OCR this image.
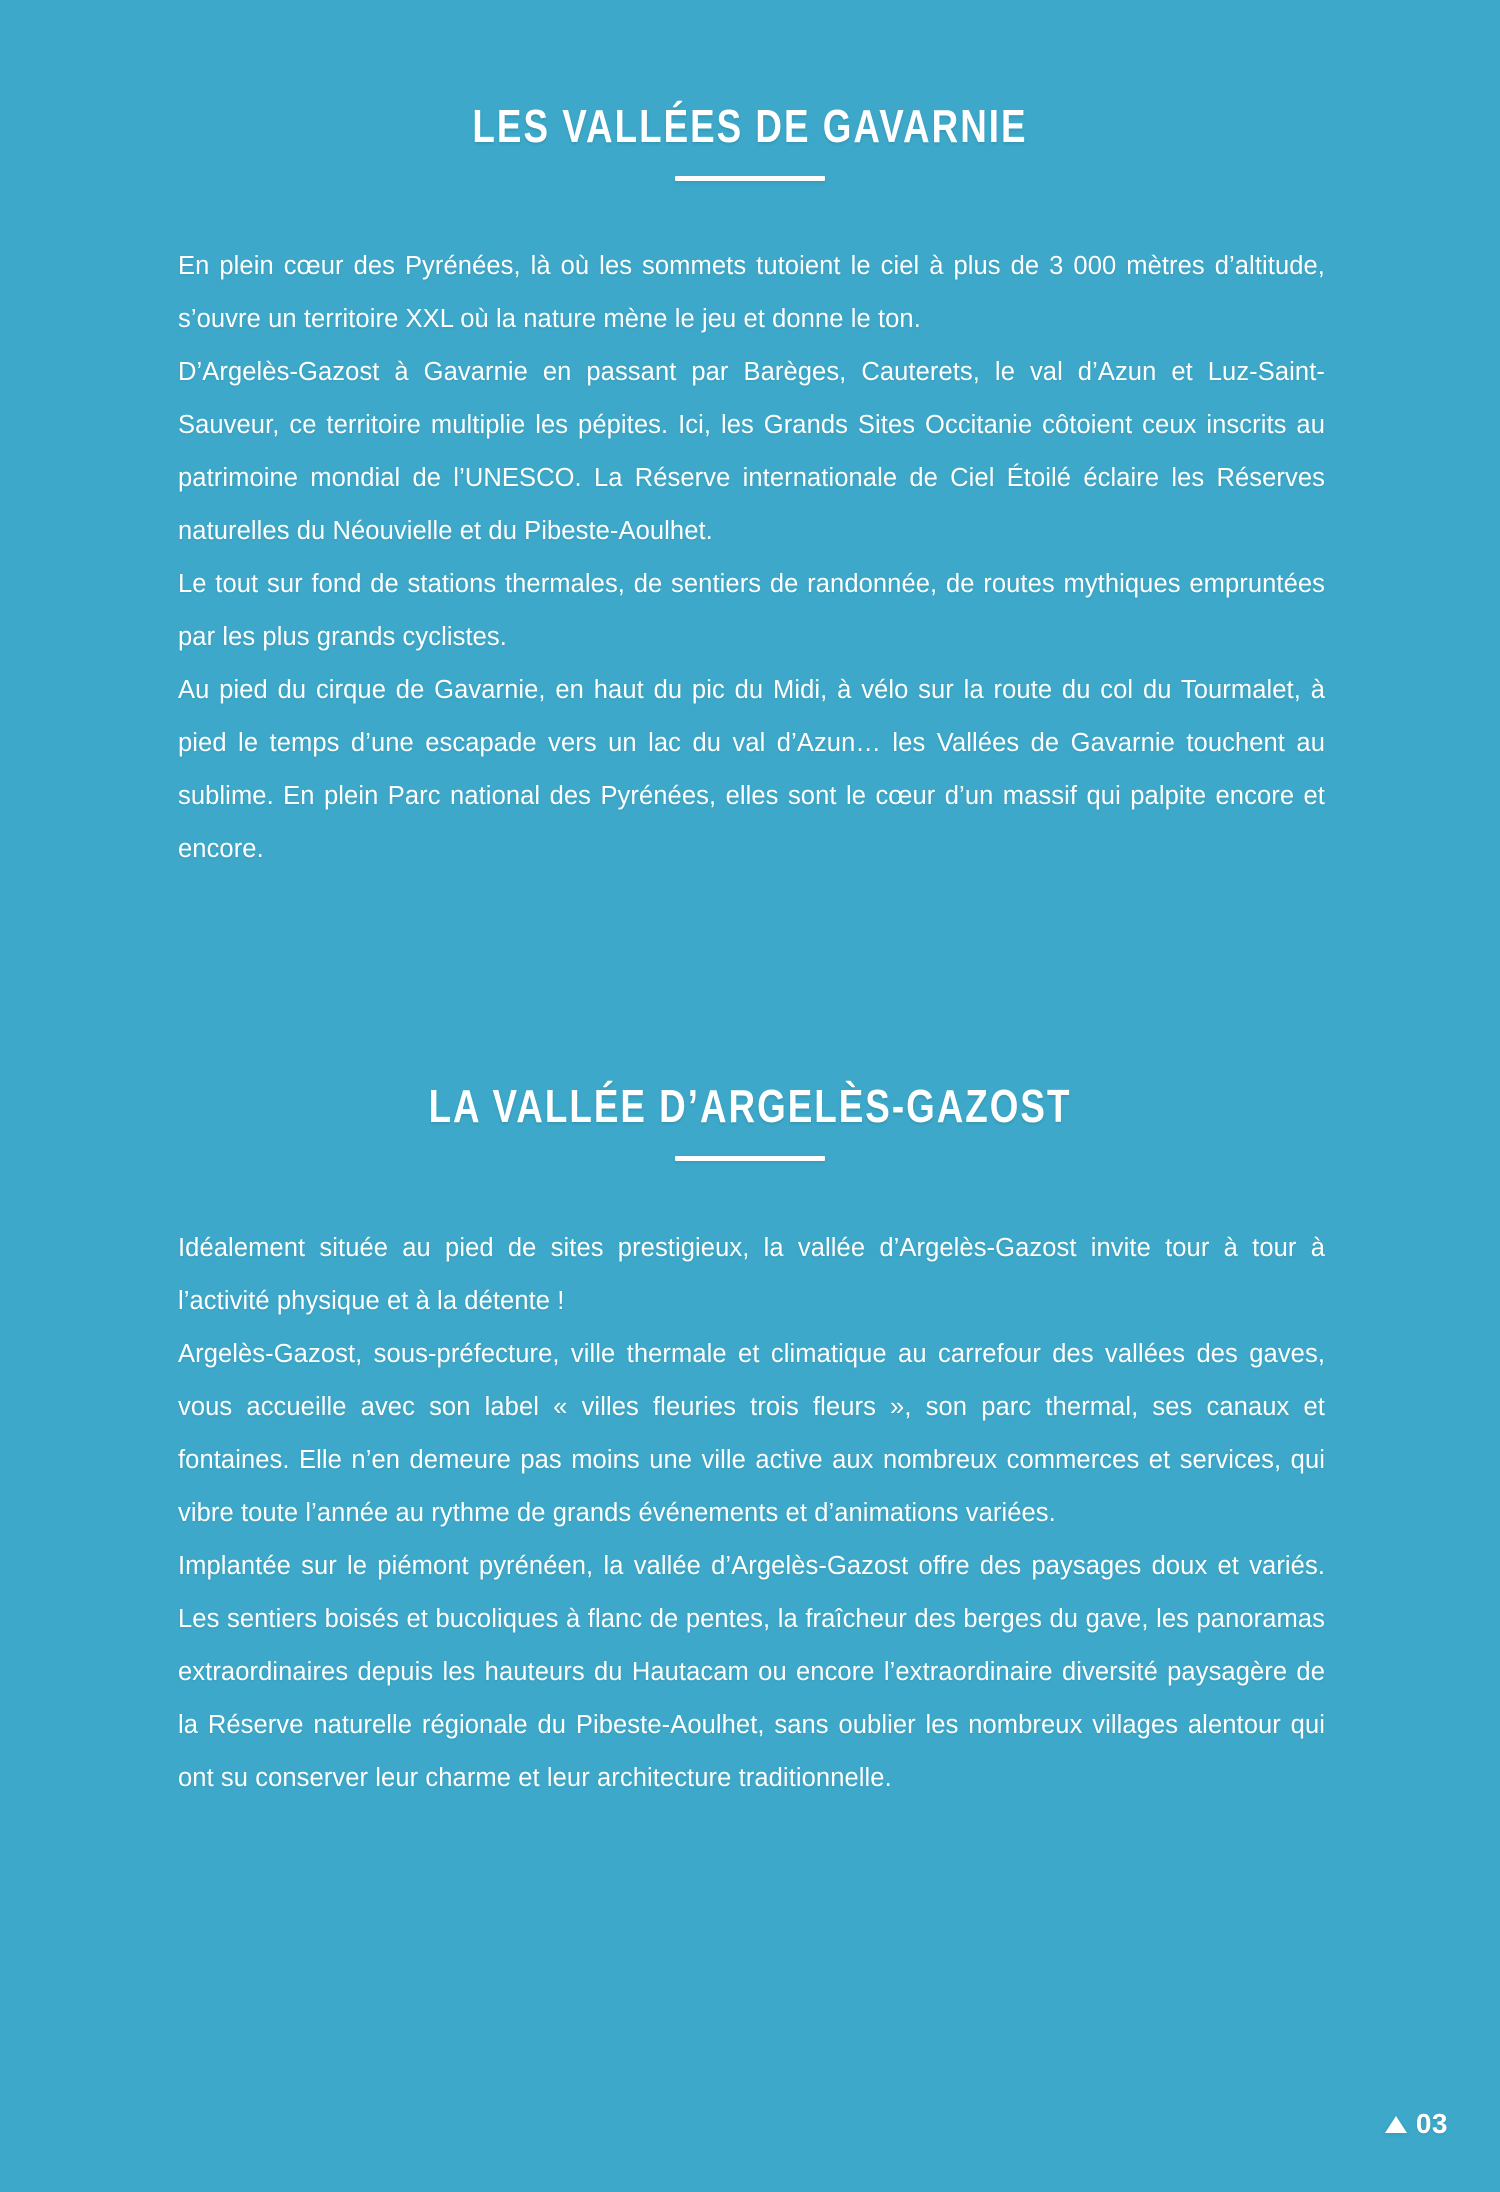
LES VALLÉES DE GAVARNIE

En plein cœur des Pyrénées, là où les sommets tutoient le ciel à plus de 3 000 mètres d’altitude, s’ouvre un territoire XXL où la nature mène le jeu et donne le ton.

D’Argelès-Gazost à Gavarnie en passant par Barèges, Cauterets, le val d’Azun et Luz-Saint-Sauveur, ce territoire multiplie les pépites. Ici, les Grands Sites Occitanie côtoient ceux inscrits au patrimoine mondial de l’UNESCO. La Réserve internationale de Ciel Étoilé éclaire les Réserves naturelles du Néouvielle et du Pibeste-Aoulhet.

Le tout sur fond de stations thermales, de sentiers de randonnée, de routes mythiques empruntées par les plus grands cyclistes.

Au pied du cirque de Gavarnie, en haut du pic du Midi, à vélo sur la route du col du Tourmalet, à pied le temps d’une escapade vers un lac du val d’Azun… les Vallées de Gavarnie touchent au sublime. En plein Parc national des Pyrénées, elles sont le cœur d’un massif qui palpite encore et encore.

LA VALLÉE D’ARGELÈS-GAZOST

Idéalement située au pied de sites prestigieux, la vallée d’Argelès-Gazost invite tour à tour à l’activité physique et à la détente !

Argelès-Gazost, sous-préfecture, ville thermale et climatique au carrefour des vallées des gaves, vous accueille avec son label « villes fleuries trois fleurs », son parc thermal, ses canaux et fontaines. Elle n’en demeure pas moins une ville active aux nombreux commerces et services, qui vibre toute l’année au rythme de grands événements et d’animations variées.

Implantée sur le piémont pyrénéen, la vallée d’Argelès-Gazost offre des paysages doux et variés. Les sentiers boisés et bucoliques à flanc de pentes, la fraîcheur des berges du gave, les panoramas extraordinaires depuis les hauteurs du Hautacam ou encore l’extraordinaire diversité paysagère de la Réserve naturelle régionale du Pibeste-Aoulhet, sans oublier les nombreux villages alentour qui ont su conserver leur charme et leur architecture traditionnelle.

03
